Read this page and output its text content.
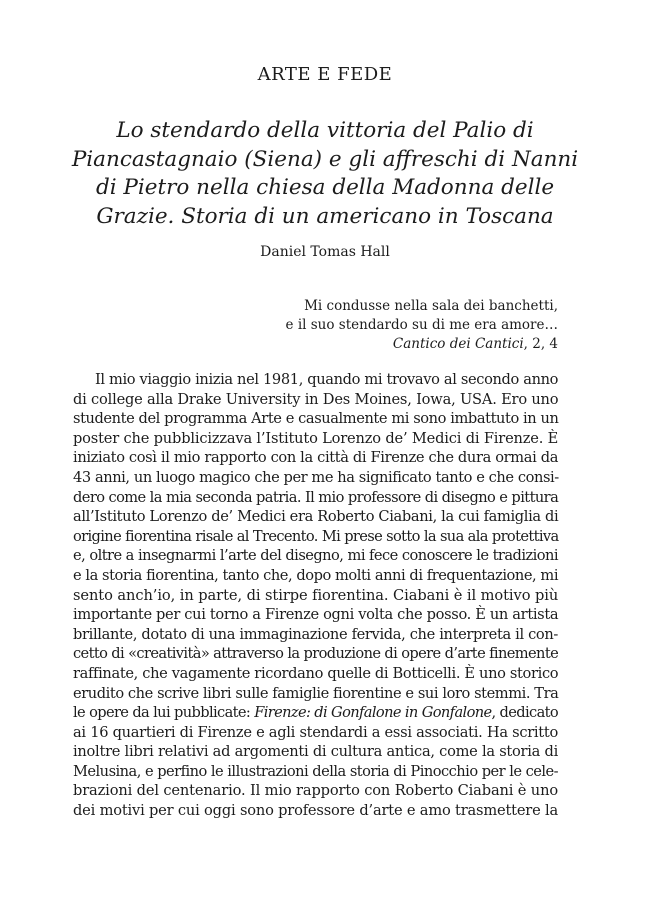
ARTE E FEDE
Lo stendardo della vittoria del Palio di
Piancastagnaio (Siena) e gli affreschi di Nanni
di Pietro nella chiesa della Madonna delle
Grazie. Storia di un americano in Toscana
Daniel Tomas Hall
Mi condusse nella sala dei banchetti,
e il suo stendardo su di me era amore…
Cantico dei Cantici, 2, 4
Il mio viaggio inizia nel 1981, quando mi trovavo al secondo anno
di college alla Drake University in Des Moines, Iowa, USA. Ero uno
studente del programma Arte e casualmente mi sono imbattuto in un
poster che pubblicizzava l’Istituto Lorenzo de’ Medici di Firenze. È
iniziato così il mio rapporto con la città di Firenze che dura ormai da
43 anni, un luogo magico che per me ha significato tanto e che consi-
dero come la mia seconda patria. Il mio professore di disegno e pittura
all’Istituto Lorenzo de’ Medici era Roberto Ciabani, la cui famiglia di
origine fiorentina risale al Trecento. Mi prese sotto la sua ala protettiva
e, oltre a insegnarmi l’arte del disegno, mi fece conoscere le tradizioni
e la storia fiorentina, tanto che, dopo molti anni di frequentazione, mi
sento anch’io, in parte, di stirpe fiorentina. Ciabani è il motivo più
importante per cui torno a Firenze ogni volta che posso. È un artista
brillante, dotato di una immaginazione fervida, che interpreta il con-
cetto di «creatività» attraverso la produzione di opere d’arte finemente
raffinate, che vagamente ricordano quelle di Botticelli. È uno storico
erudito che scrive libri sulle famiglie fiorentine e sui loro stemmi. Tra
le opere da lui pubblicate: Firenze: di Gonfalone in Gonfalone, dedicato
ai 16 quartieri di Firenze e agli stendardi a essi associati. Ha scritto
inoltre libri relativi ad argomenti di cultura antica, come la storia di
Melusina, e perfino le illustrazioni della storia di Pinocchio per le cele-
brazioni del centenario. Il mio rapporto con Roberto Ciabani è uno
dei motivi per cui oggi sono professore d’arte e amo trasmettere la
